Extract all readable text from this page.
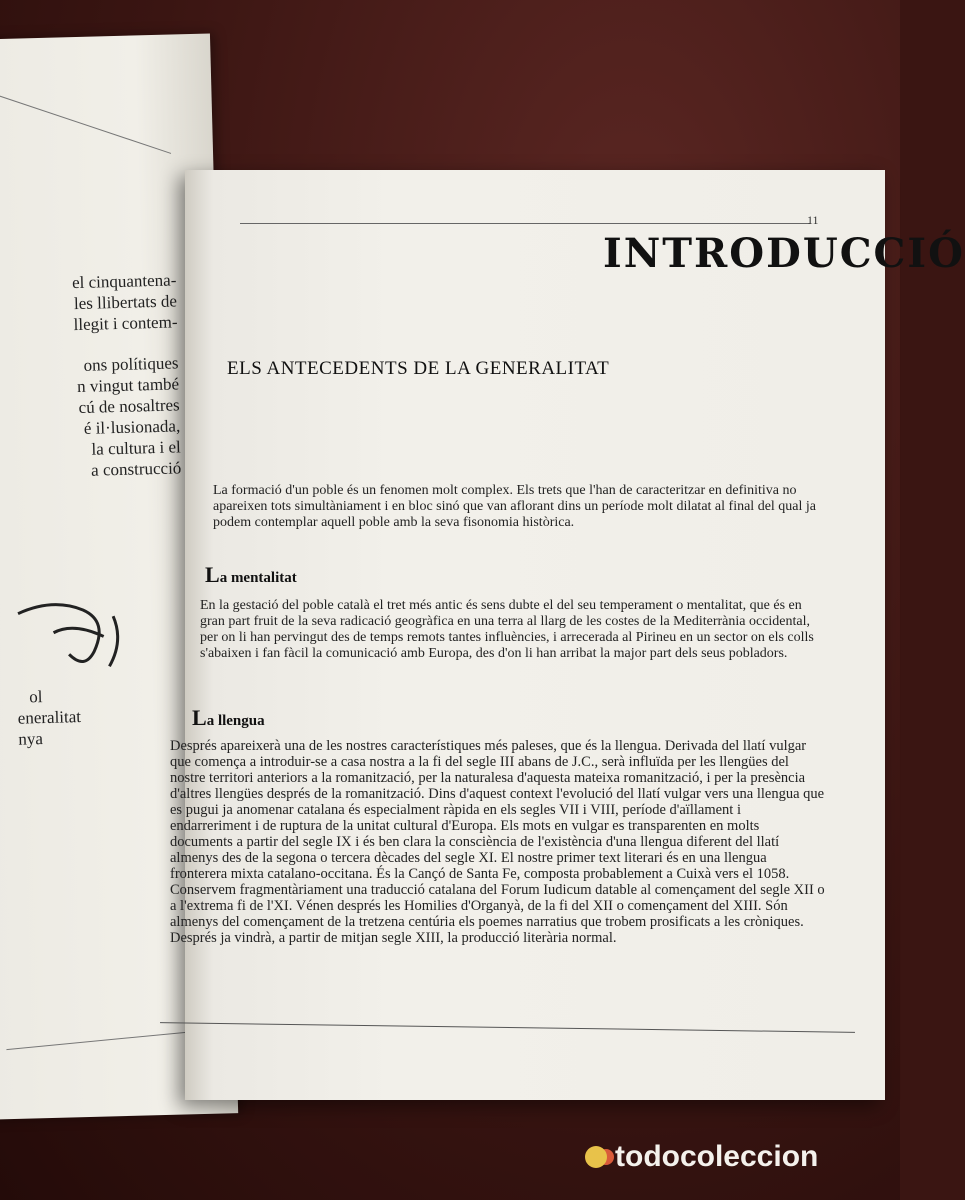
el cinquantena-
les llibertats de
llegit i contem-
ons polítiques
n vingut també
cú de nosaltres
é il·lusionada,
la cultura i el
a construcció
ol
eneralitat
nya
11
INTRODUCCIÓ
ELS ANTECEDENTS DE LA GENERALITAT
La formació d'un poble és un fenomen molt complex. Els trets que l'han de caracteritzar en definitiva no apareixen tots simultàniament i en bloc sinó que van aflorant dins un període molt dilatat al final del qual ja podem contemplar aquell poble amb la seva fisonomia històrica.
La mentalitat
En la gestació del poble català el tret més antic és sens dubte el del seu temperament o mentalitat, que és en gran part fruit de la seva radicació geogràfica en una terra al llarg de les costes de la Mediterrània occidental, per on li han pervingut des de temps remots tantes influències, i arrecerada al Pirineu en un sector on els colls s'abaixen i fan fàcil la comunicació amb Europa, des d'on li han arribat la major part dels seus pobladors.
La llengua
Després apareixerà una de les nostres característiques més paleses, que és la llengua. Derivada del llatí vulgar que comença a introduir-se a casa nostra a la fi del segle III abans de J.C., serà influïda per les llengües del nostre territori anteriors a la romanització, per la naturalesa d'aquesta mateixa romanització, i per la presència d'altres llengües després de la romanització. Dins d'aquest context l'evolució del llatí vulgar vers una llengua que es pugui ja anomenar catalana és especialment ràpida en els segles VII i VIII, període d'aïllament i endarreriment i de ruptura de la unitat cultural d'Europa. Els mots en vulgar es transparenten en molts documents a partir del segle IX i és ben clara la consciència de l'existència d'una llengua diferent del llatí almenys des de la segona o tercera dècades del segle XI. El nostre primer text literari és en una llengua fronterera mixta catalano-occitana. És la Cançó de Santa Fe, composta probablement a Cuixà vers el 1058. Conservem fragmentàriament una traducció catalana del Forum Iudicum datable al començament del segle XII o a l'extrema fi de l'XI. Vénen després les Homilies d'Organyà, de la fi del XII o començament del XIII. Són almenys del començament de la tretzena centúria els poemes narratius que trobem prosificats a les cròniques. Després ja vindrà, a partir de mitjan segle XIII, la producció literària normal.
todocoleccion
